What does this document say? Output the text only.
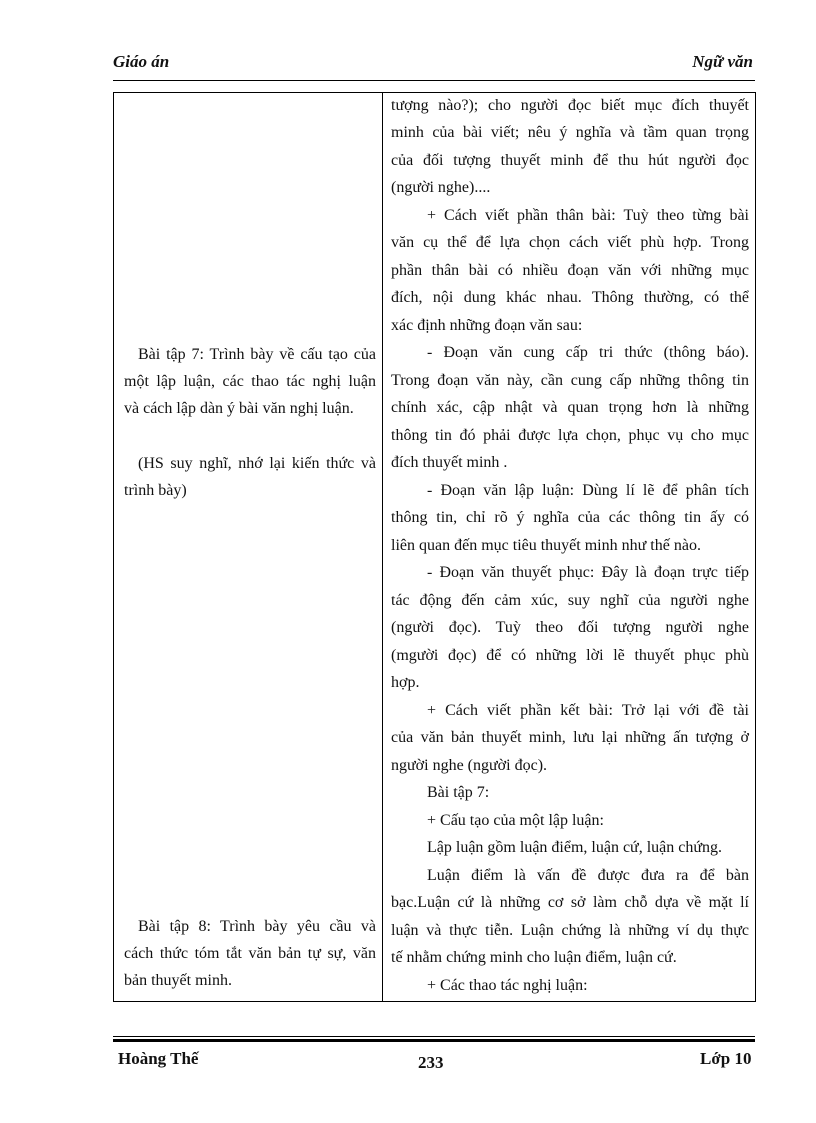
Giáo án	Ngữ văn
Bài tập 7: Trình bày về cấu tạo của
một lập luận, các thao tác nghị luận
và cách lập dàn ý bài văn nghị luận.
(HS suy nghĩ, nhớ lại kiến thức và
trình bày)
Bài tập 8: Trình bày yêu cầu và
cách thức tóm tắt văn bản tự sự, văn
bản thuyết minh.

tượng nào?); cho người đọc biết mục đích thuyết
minh của bài viết; nêu ý nghĩa và tầm quan trọng
của đối tượng thuyết minh để thu hút người đọc
(người nghe)....
+ Cách viết phần thân bài: Tuỳ theo từng bài
văn cụ thể để lựa chọn cách viết phù hợp. Trong
phần thân bài có nhiều đoạn văn với những mục
đích, nội dung khác nhau. Thông thường, có thể
xác định những đoạn văn sau:
- Đoạn văn cung cấp tri thức (thông báo).
Trong đoạn văn này, cần cung cấp những thông tin
chính xác, cập nhật và quan trọng hơn là những
thông tin đó phải được lựa chọn, phục vụ cho mục
đích thuyết minh .
- Đoạn văn lập luận: Dùng lí lẽ để phân tích
thông tin, chỉ rõ ý nghĩa của các thông tin ấy có
liên quan đến mục tiêu thuyết minh như thế nào.
- Đoạn văn thuyết phục: Đây là đoạn trực tiếp
tác động đến cảm xúc, suy nghĩ của người nghe
(người đọc). Tuỳ theo đối tượng người nghe
(mgười đọc) để có những lời lẽ thuyết phục phù
hợp.
+ Cách viết phần kết bài: Trở lại với đề tài
của văn bản thuyết minh, lưu lại những ấn tượng ở
người nghe (người đọc).
Bài tập 7:
+ Cấu tạo của một lập luận:
Lập luận gồm luận điểm, luận cứ, luận chứng.
Luận điểm là vấn đề được đưa ra để bàn
bạc.Luận cứ là những cơ sở làm chỗ dựa về mặt lí
luận và thực tiễn. Luận chứng là những ví dụ thực
tế nhằm chứng minh cho luận điểm, luận cứ.
+ Các thao tác nghị luận:
Hoàng Thế	233	Lớp 10
